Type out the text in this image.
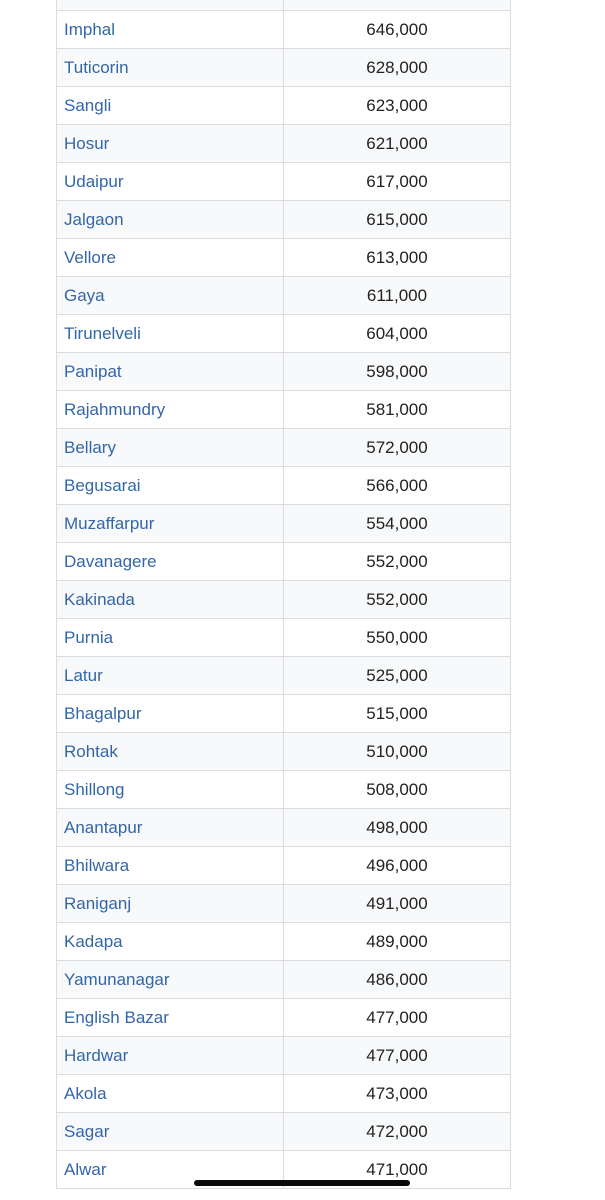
Imphal	646,000
Tuticorin	628,000
Sangli	623,000
Hosur	621,000
Udaipur	617,000
Jalgaon	615,000
Vellore	613,000
Gaya	611,000
Tirunelveli	604,000
Panipat	598,000
Rajahmundry	581,000
Bellary	572,000
Begusarai	566,000
Muzaffarpur	554,000
Davanagere	552,000
Kakinada	552,000
Purnia	550,000
Latur	525,000
Bhagalpur	515,000
Rohtak	510,000
Shillong	508,000
Anantapur	498,000
Bhilwara	496,000
Raniganj	491,000
Kadapa	489,000
Yamunanagar	486,000
English Bazar	477,000
Hardwar	477,000
Akola	473,000
Sagar	472,000
Alwar	471,000
